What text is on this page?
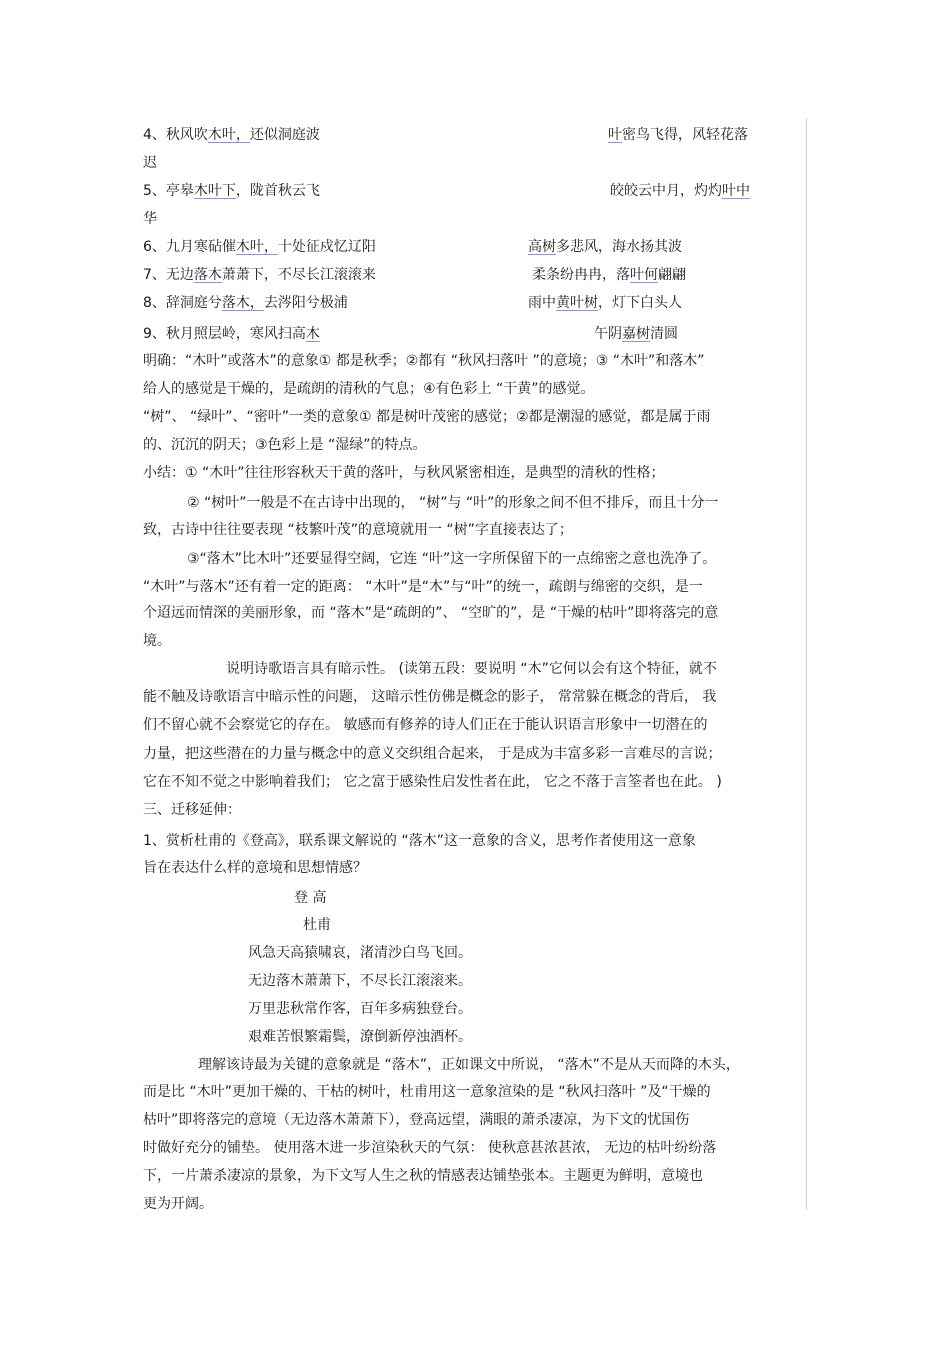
4、秋风吹木叶，还似洞庭波	叶密鸟飞得，风轻花落
迟
5、亭皋木叶下，陇首秋云飞	皎皎云中月，灼灼叶中
华
6、九月寒砧催木叶，十处征戍忆辽阳	高树多悲风，海水扬其波
7、无边落木萧萧下，不尽长江滚滚来	柔条纷冉冉，落叶何翩翩
8、辞洞庭兮落木，去涔阳兮极浦	雨中黄叶树，灯下白头人
9、秋月照层岭，寒风扫高木	午阴嘉树清圆
明确：“木叶”或落木”的意象① 都是秋季；②都有 “秋风扫落叶 ”的意境；③ “木叶”和落木”
给人的感觉是干燥的，是疏朗的清秋的气息；④有色彩上 “干黄”的感觉。
“树”、 “绿叶”、“密叶”一类的意象① 都是树叶茂密的感觉；②都是潮湿的感觉，都是属于雨
的、沉沉的阴天；③色彩上是 “湿绿”的特点。
小结：① “木叶”往往形容秋天干黄的落叶，与秋风紧密相连，是典型的清秋的性格；
② “树叶”一般是不在古诗中出现的， “树”与 “叶”的形象之间不但不排斥，而且十分一
致，古诗中往往要表现 “枝繁叶茂”的意境就用一 “树”字直接表达了；
③“落木”比木叶”还要显得空阔，它连 “叶”这一字所保留下的一点绵密之意也洗净了。
“木叶”与落木”还有着一定的距离： “木叶”是“木”与“叶”的统一，疏朗与绵密的交织，是一
个迢远而情深的美丽形象，而 “落木”是“疏朗的”、 “空旷的”，是 “干燥的枯叶”即将落完的意
境。
说明诗歌语言具有暗示性。 (读第五段：要说明 “木”它何以会有这个特征，就不
能不触及诗歌语言中暗示性的问题， 这暗示性仿佛是概念的影子， 常常躲在概念的背后， 我
们不留心就不会察觉它的存在。 敏感而有修养的诗人们正在于能认识语言形象中一切潜在的
力量，把这些潜在的力量与概念中的意义交织组合起来， 于是成为丰富多彩一言难尽的言说；
它在不知不觉之中影响着我们； 它之富于感染性启发性者在此， 它之不落于言筌者也在此。 )
三、迁移延伸：
1、赏析杜甫的《登高》，联系课文解说的 “落木”这一意象的含义，思考作者使用这一意象
旨在表达什么样的意境和思想情感？
登 高
杜甫
风急天高猿啸哀，渚清沙白鸟飞回。
无边落木萧萧下，不尽长江滚滚来。
万里悲秋常作客，百年多病独登台。
艰难苦恨繁霜鬓，潦倒新停浊酒杯。
理解该诗最为关键的意象就是 “落木”，正如课文中所说， “落木”不是从天而降的木头，
而是比 “木叶”更加干燥的、干枯的树叶，杜甫用这一意象渲染的是 “秋风扫落叶 ”及“干燥的
枯叶”即将落完的意境（无边落木萧萧下），登高远望，满眼的萧杀凄凉，为下文的忧国伤
时做好充分的铺垫。 使用落木进一步渲染秋天的气氛： 使秋意甚浓甚浓， 无边的枯叶纷纷落
下，一片萧杀凄凉的景象，为下文写人生之秋的情感表达铺垫张本。主题更为鲜明，意境也
更为开阔。
